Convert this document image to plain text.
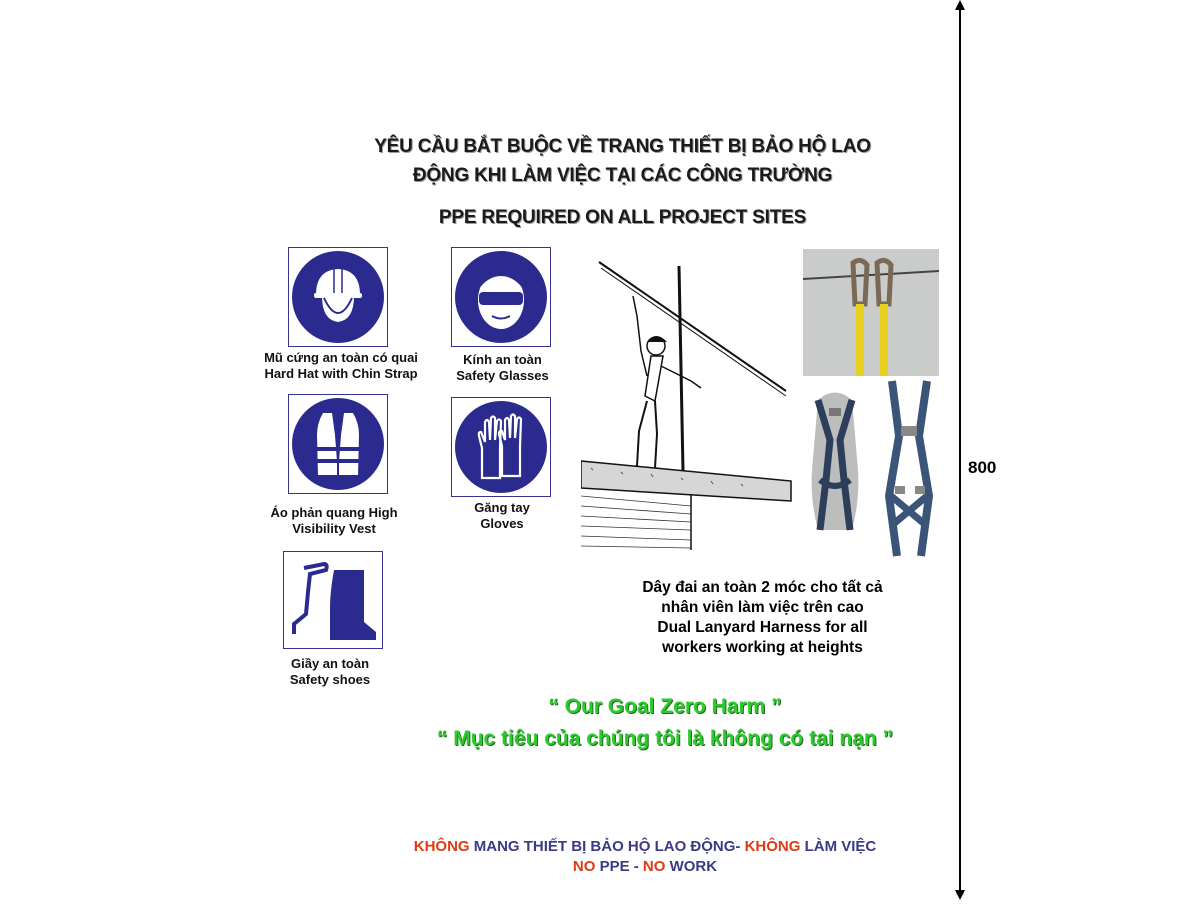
YÊU CẦU BẮT BUỘC VỀ TRANG THIẾT BỊ BẢO HỘ LAO
ĐỘNG KHI LÀM VIỆC TẠI CÁC CÔNG TRƯỜNG
PPE REQUIRED ON ALL PROJECT SITES
Mũ cứng an toàn có quai
Hard Hat with Chin Strap
Kính an toàn
Safety Glasses
Áo phản quang High
Visibility Vest
Găng tay
Gloves
Giầy an toàn
Safety shoes
Dây đai an toàn 2 móc cho tất cả
nhân viên làm việc trên cao
Dual Lanyard Harness for all
workers working at heights
“ Our Goal Zero Harm ”
“ Mục tiêu của chúng tôi là không có tai nạn ”
KHÔNG MANG THIẾT BỊ BẢO HỘ LAO ĐỘNG- KHÔNG LÀM VIỆC
NO PPE - NO WORK
800
